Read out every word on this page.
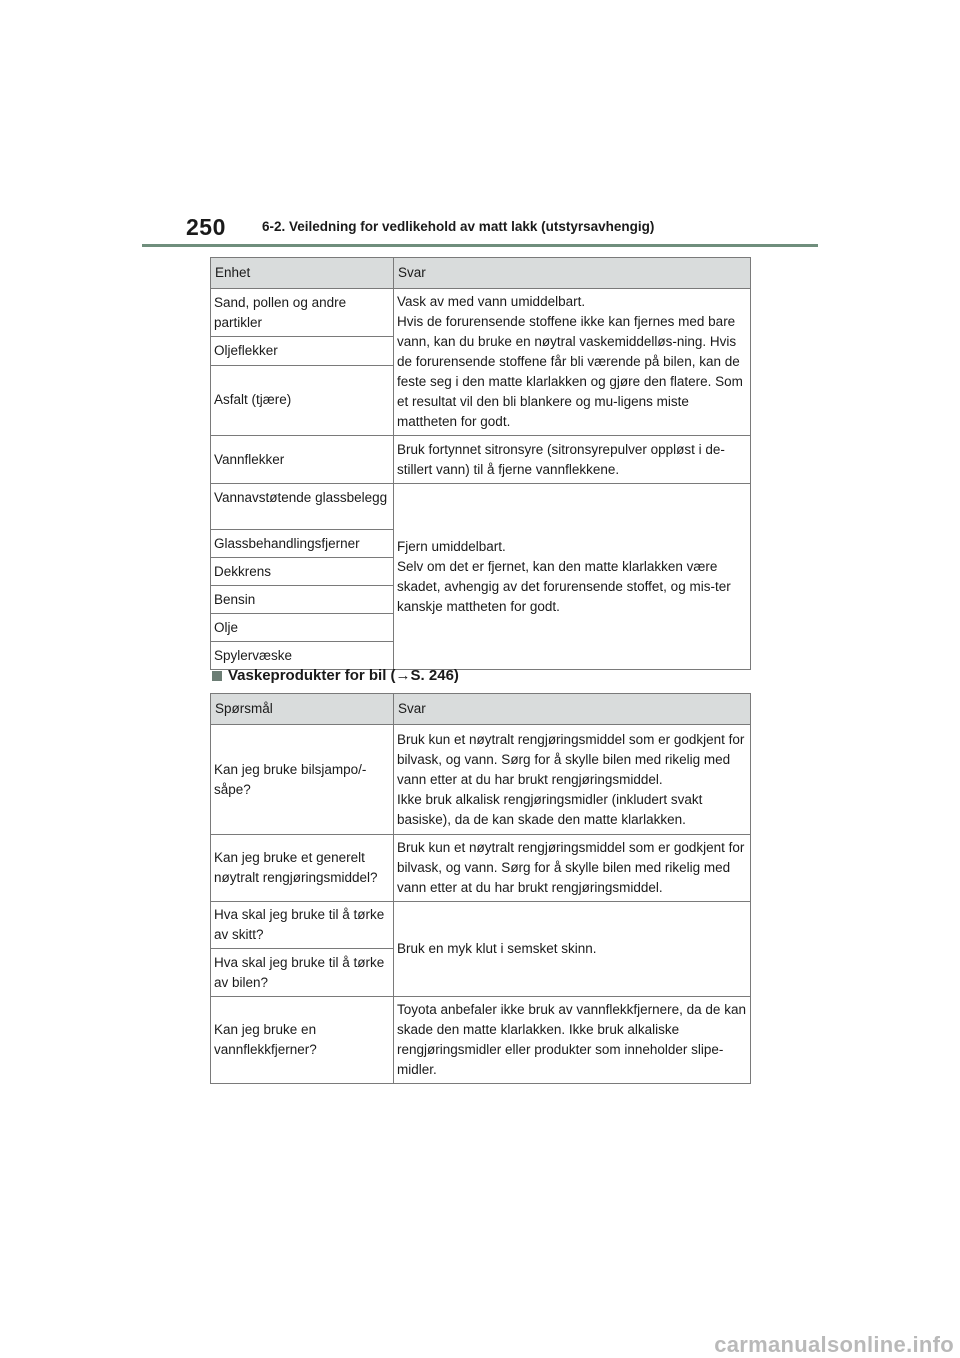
250	6-2. Veiledning for vedlikehold av matt lakk (utstyrsavhengig)
Enhet	Svar
Sand, pollen og andre partikler	Vask av med vann umiddelbart.
Hvis de forurensende stoffene ikke kan fjernes med bare vann, kan du bruke en nøytral vaskemiddelløs-ning. Hvis de forurensende stoffene får bli værende på bilen, kan de feste seg i den matte klarlakken og gjøre den flatere. Som et resultat vil den bli blankere og mu-ligens miste mattheten for godt.
Oljeflekker	
Asfalt (tjære)	
Vannflekker	Bruk fortynnet sitronsyre (sitronsyrepulver oppløst i de-stillert vann) til å fjerne vannflekkene.
Vannavstøtende glassbelegg	Fjern umiddelbart.
Selv om det er fjernet, kan den matte klarlakken være skadet, avhengig av det forurensende stoffet, og mis-ter kanskje mattheten for godt.
Glassbehandlingsfjerner	
Dekkrens	
Bensin	
Olje	
Spylervæske	
Vaskeprodukter for bil ( → S. 246)
Spørsmål	Svar
Kan jeg bruke bilsjampo/-såpe?	Bruk kun et nøytralt rengjøringsmiddel som er godkjent for bilvask, og vann. Sørg for å skylle bilen med rikelig med vann etter at du har brukt rengjøringsmiddel.
Ikke bruk alkalisk rengjøringsmidler (inkludert svakt basiske), da de kan skade den matte klarlakken.
Kan jeg bruke et generelt nøytralt rengjøringsmiddel?	Bruk kun et nøytralt rengjøringsmiddel som er godkjent for bilvask, og vann. Sørg for å skylle bilen med rikelig med vann etter at du har brukt rengjøringsmiddel.
Hva skal jeg bruke til å tørke av skitt?	Bruk en myk klut i semsket skinn.
Hva skal jeg bruke til å tørke av bilen?	
Kan jeg bruke en vannflekkfjerner?	Toyota anbefaler ikke bruk av vannflekkfjernere, da de kan skade den matte klarlakken. Ikke bruk alkaliske rengjøringsmidler eller produkter som inneholder slipe-midler.
carmanualsonline.info
